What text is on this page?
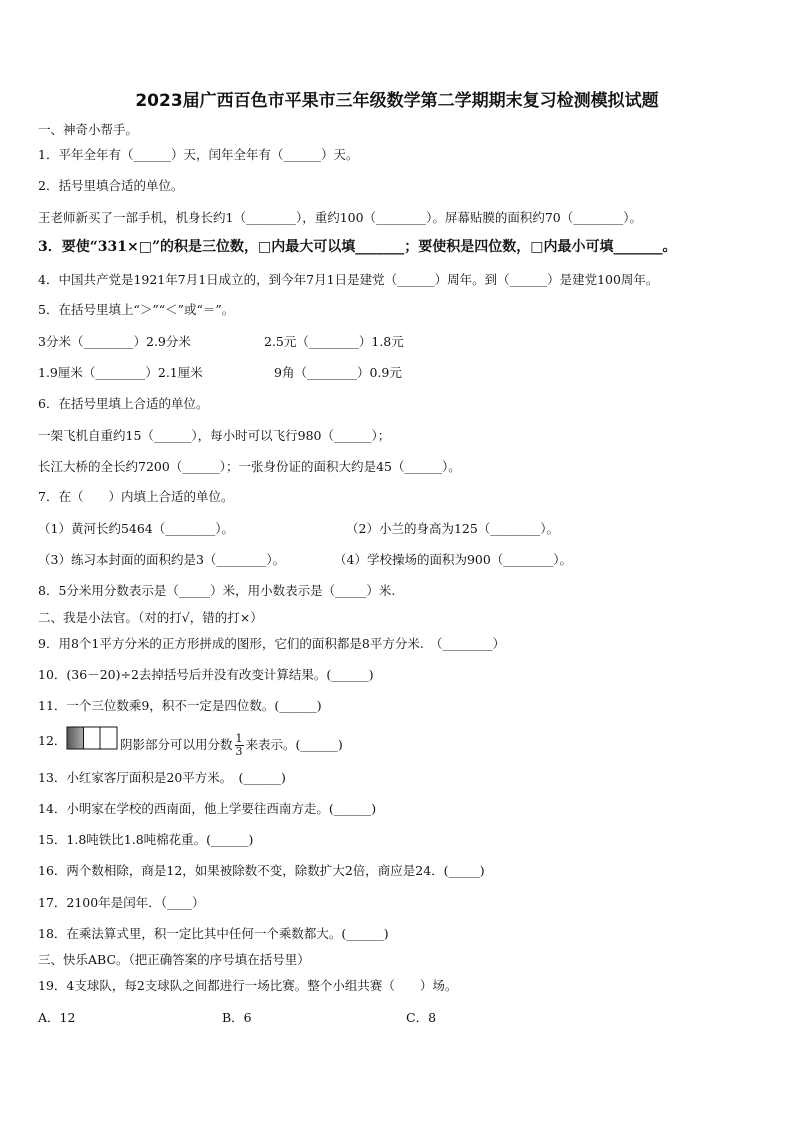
2023届广西百色市平果市三年级数学第二学期期末复习检测模拟试题
一、神奇小帮手。
1．平年全年有（______）天，闰年全年有（______）天。
2．括号里填合适的单位。
王老师新买了一部手机，机身长约1（________），重约100（________）。屏幕贴膜的面积约70（________）。
3．要使“331×□”的积是三位数，□内最大可以填_______；要使积是四位数，□内最小可填_______。
4．中国共产党是1921年7月1日成立的，到今年7月1日是建党（______）周年。到（______）是建党100周年。
5．在括号里填上“＞”“＜”或“＝”。
3分米（________）2.9分米	2.5元（________）1.8元
1.9厘米（________）2.1厘米	9角（________）0.9元
6．在括号里填上合适的单位。
一架飞机自重约15（______），每小时可以飞行980（______）；
长江大桥的全长约7200（______）；一张身份证的面积大约是45（______）。
7．在（　　）内填上合适的单位。
（1）黄河长约5464（________）。	（2）小兰的身高为125（________）。
（3）练习本封面的面积约是3（________）。	（4）学校操场的面积为900（________）。
8．5分米用分数表示是（_____）米，用小数表示是（_____）米.
二、我是小法官。（对的打√，错的打×）
9．用8个1平方分米的正方形拼成的图形，它们的面积都是8平方分米.　（________）
10．(36－20)÷2去掉括号后并没有改变计算结果。(______)
11．一个三位数乘9，积不一定是四位数。(______)
12．	阴影部分可以用分数 $\frac{1}{3}$ 来表示。(______)
13．小红家客厅面积是20平方米。　(______)
14．小明家在学校的西南面，他上学要往西南方走。(______)
15．1.8吨铁比1.8吨棉花重。(______)
16．两个数相除，商是12，如果被除数不变，除数扩大2倍，商应是24．(_____)
17．2100年是闰年．（____）
18．在乘法算式里，积一定比其中任何一个乘数都大。(______)
三、快乐ABC。（把正确答案的序号填在括号里）
19．4支球队，每2支球队之间都进行一场比赛。整个小组共赛（　　）场。
A．12	B．6	C．8
